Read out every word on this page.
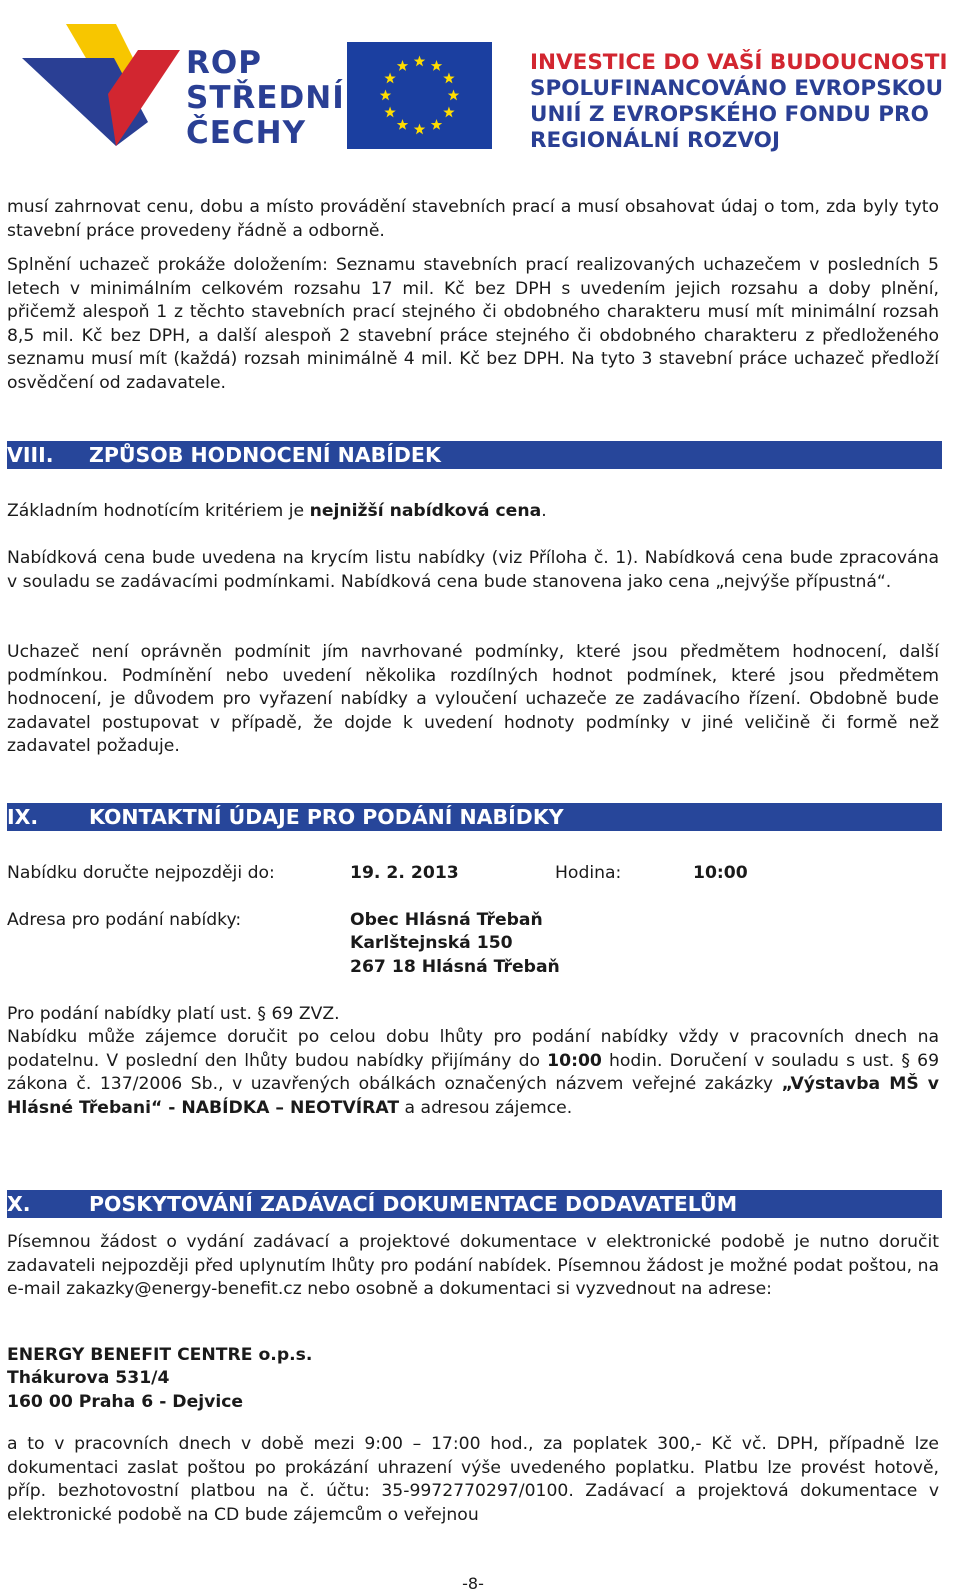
ROP
STŘEDNÍ
ČECHY
INVESTICE DO VAŠÍ BUDOUCNOSTI
SPOLUFINANCOVÁNO EVROPSKOU
UNIÍ Z EVROPSKÉHO FONDU PRO
REGIONÁLNÍ ROZVOJ

musí zahrnovat cenu, dobu a místo provádění stavebních prací a musí obsahovat údaj o tom, zda byly tyto stavební práce provedeny řádně a odborně.

Splnění uchazeč prokáže doložením: Seznamu stavebních prací realizovaných uchazečem v posledních 5 letech v minimálním celkovém rozsahu 17 mil. Kč bez DPH s uvedením jejich rozsahu a doby plnění, přičemž alespoň 1 z těchto stavebních prací stejného či obdobného charakteru musí mít minimální rozsah 8,5 mil. Kč bez DPH, a další alespoň 2 stavební práce stejného či obdobného charakteru z předloženého seznamu musí mít (každá) rozsah minimálně 4 mil. Kč bez DPH. Na tyto 3 stavební práce uchazeč předloží osvědčení od zadavatele.

VIII. ZPŮSOB HODNOCENÍ NABÍDEK

Základním hodnotícím kritériem je nejnižší nabídková cena.

Nabídková cena bude uvedena na krycím listu nabídky (viz Příloha č. 1). Nabídková cena bude zpracována v souladu se zadávacími podmínkami. Nabídková cena bude stanovena jako cena „nejvýše přípustná“.

Uchazeč není oprávněn podmínit jím navrhované podmínky, které jsou předmětem hodnocení, další podmínkou. Podmínění nebo uvedení několika rozdílných hodnot podmínek, které jsou předmětem hodnocení, je důvodem pro vyřazení nabídky a vyloučení uchazeče ze zadávacího řízení. Obdobně bude zadavatel postupovat v případě, že dojde k uvedení hodnoty podmínky v jiné veličině či formě než zadavatel požaduje.

IX. KONTAKTNÍ ÚDAJE PRO PODÁNÍ NABÍDKY
Nabídku doručte nejpozději do:	19. 2. 2013	Hodina:	10:00
Adresa pro podání nabídky:	Obec Hlásná Třebaň
Karlštejnská 150
267 18 Hlásná Třebaň

Pro podání nabídky platí ust. § 69 ZVZ.

Nabídku může zájemce doručit po celou dobu lhůty pro podání nabídky vždy v pracovních dnech na podatelnu. V poslední den lhůty budou nabídky přijímány do 10:00 hodin. Doručení v souladu s ust. § 69 zákona č. 137/2006 Sb., v uzavřených obálkách označených názvem veřejné zakázky „Výstavba MŠ v Hlásné Třebani“ - NABÍDKA – NEOTVÍRAT a adresou zájemce.

X.	POSKYTOVÁNÍ ZADÁVACÍ DOKUMENTACE DODAVATELŮM

Písemnou žádost o vydání zadávací a projektové dokumentace v elektronické podobě je nutno doručit zadavateli nejpozději před uplynutím lhůty pro podání nabídek. Písemnou žádost je možné podat poštou, na e-mail zakazky@energy-benefit.cz nebo osobně a dokumentaci si vyzvednout na adrese:

ENERGY BENEFIT CENTRE o.p.s.
Thákurova 531/4
160 00 Praha 6 - Dejvice

a to v pracovních dnech v době mezi 9:00 – 17:00 hod., za poplatek 300,- Kč vč. DPH, případně lze dokumentaci zaslat poštou po prokázání uhrazení výše uvedeného poplatku. Platbu lze provést hotově, příp. bezhotovostní platbou na č. účtu: 35-9972770297/0100. Zadávací a projektová dokumentace v elektronické podobě na CD bude zájemcům o veřejnou

-8-
